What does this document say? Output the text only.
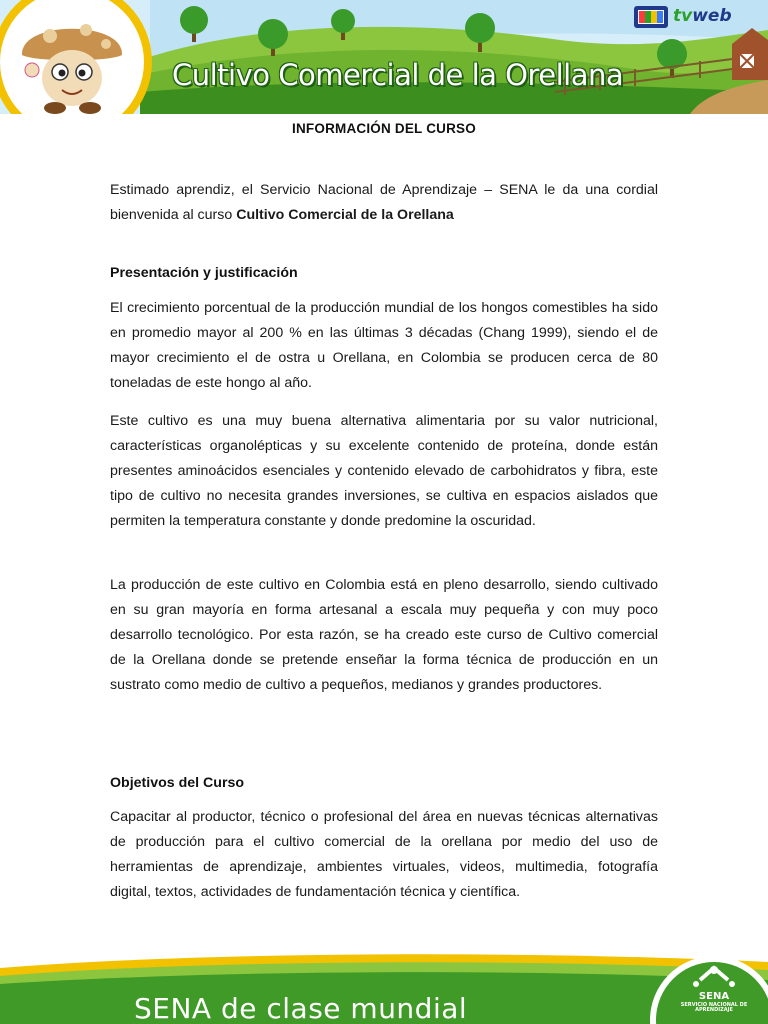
tvweb
Cultivo Comercial de la Orellana
INFORMACIÓN DEL CURSO

Estimado aprendiz, el Servicio Nacional de Aprendizaje – SENA le da una cordial bienvenida al curso Cultivo Comercial de la Orellana

Presentación y justificación

El crecimiento porcentual de la producción mundial de los hongos comestibles ha sido en promedio mayor al 200 % en las últimas 3 décadas (Chang 1999), siendo el de mayor crecimiento el de ostra u Orellana, en Colombia se producen cerca de 80 toneladas de este hongo al año.

Este cultivo es una muy buena alternativa alimentaria por su valor nutricional, características organolépticas y su excelente contenido de proteína, donde están presentes aminoácidos esenciales y contenido elevado de carbohidratos y fibra, este tipo de cultivo no necesita grandes inversiones, se cultiva en espacios aislados que permiten la temperatura constante y donde predomine la oscuridad.

La producción de este cultivo en Colombia está en pleno desarrollo, siendo cultivado en su gran mayoría en forma artesanal a escala muy pequeña y con muy poco desarrollo tecnológico. Por esta razón, se ha creado este curso de Cultivo comercial de la Orellana donde se pretende enseñar la forma técnica de producción en un sustrato como medio de cultivo a pequeños, medianos y grandes productores.

Objetivos del Curso

Capacitar al productor, técnico o profesional del área en nuevas técnicas alternativas de producción para el cultivo comercial de la orellana por medio del uso de herramientas de aprendizaje, ambientes virtuales, videos, multimedia, fotografía digital, textos, actividades de fundamentación técnica y científica.

SENA de clase mundial	SENA
SERVICIO NACIONAL DE APRENDIZAJE
